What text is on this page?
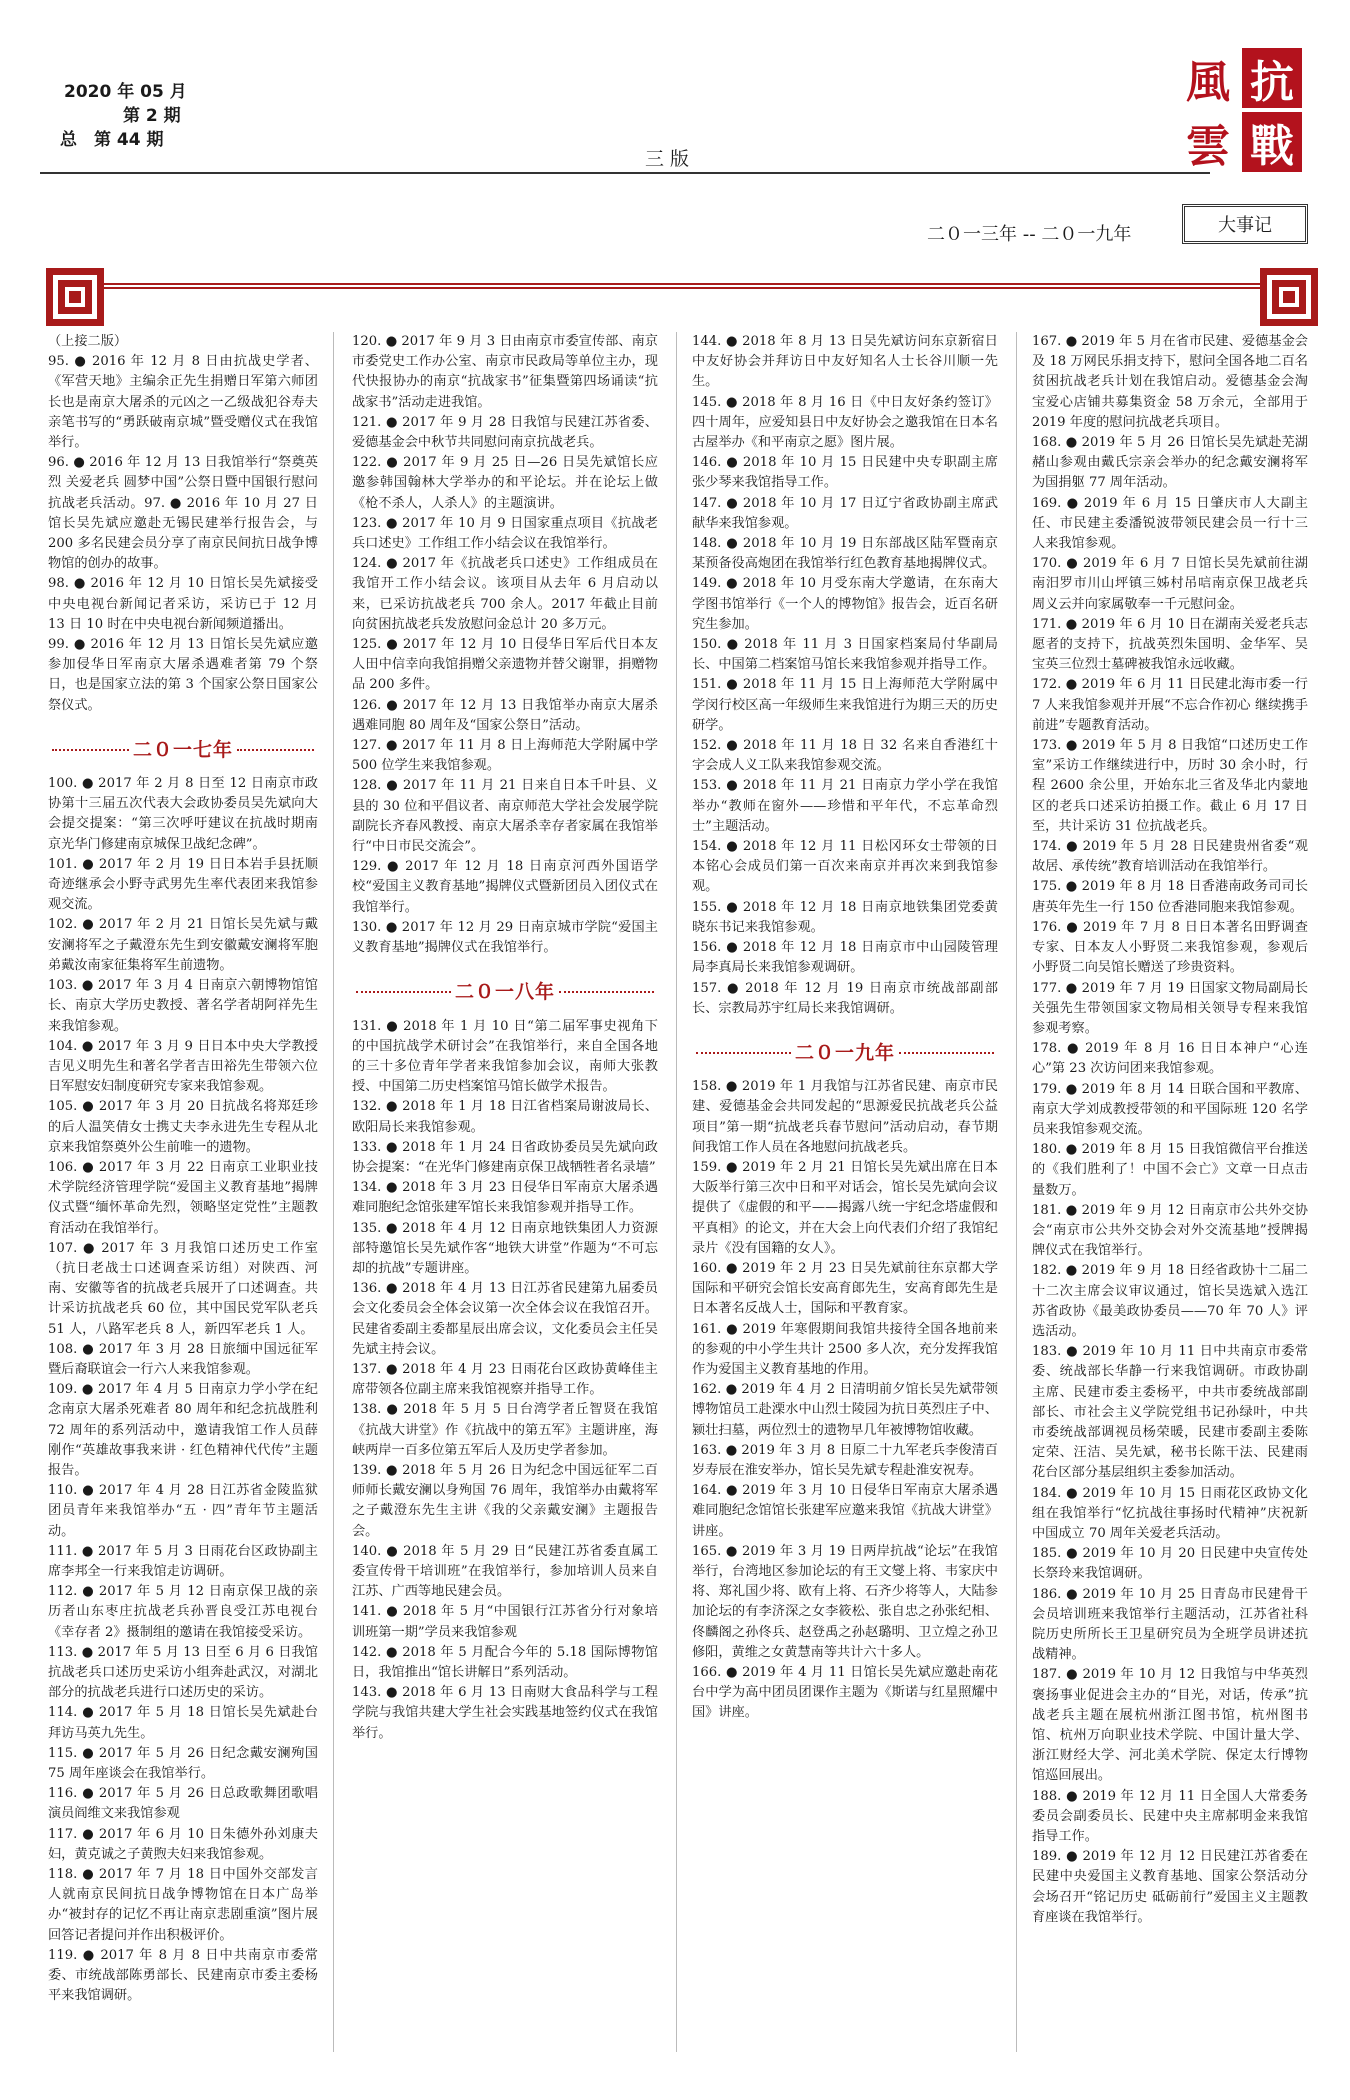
2020 年 05 月
第 2 期
总　第 44 期
三 版
風 抗
雲 戰
二０一三年 -- 二０一九年	大事记

（上接二版）

95. ● 2016 年 12 月 8 日由抗战史学者、《军营天地》主编余正先生捐赠日军第六师团长也是南京大屠杀的元凶之一乙级战犯谷寿夫亲笔书写的“勇跃破南京城”暨受赠仪式在我馆举行。

96. ● 2016 年 12 月 13 日我馆举行“祭奠英烈 关爱老兵 圆梦中国”公祭日暨中国银行慰问抗战老兵活动。97. ● 2016 年 10 月 27 日馆长吴先斌应邀赴无锡民建举行报告会，与 200 多名民建会员分享了南京民间抗日战争博物馆的创办的故事。

98. ● 2016 年 12 月 10 日馆长吴先斌接受中央电视台新闻记者采访，采访已于 12 月 13 日 10 时在中央电视台新闻频道播出。

99. ● 2016 年 12 月 13 日馆长吴先斌应邀参加侵华日军南京大屠杀遇难者第 79 个祭日，也是国家立法的第 3 个国家公祭日国家公祭仪式。

二０一七年

100. ● 2017 年 2 月 8 日至 12 日南京市政协第十三届五次代表大会政协委员吴先斌向大会提交提案：“第三次呼吁建议在抗战时期南京光华门修建南京城保卫战纪念碑”。

101. ● 2017 年 2 月 19 日日本岩手县抚顺奇迹继承会小野寺武男先生率代表团来我馆参观交流。

102. ● 2017 年 2 月 21 日馆长吴先斌与戴安澜将军之子戴澄东先生到安徽戴安澜将军胞弟戴汝南家征集将军生前遗物。

103. ● 2017 年 3 月 4 日南京六朝博物馆馆长、南京大学历史教授、著名学者胡阿祥先生来我馆参观。

104. ● 2017 年 3 月 9 日日本中央大学教授吉见义明先生和著名学者吉田裕先生带领六位日军慰安妇制度研究专家来我馆参观。

105. ● 2017 年 3 月 20 日抗战名将郑廷珍的后人温笑倩女士携丈夫李永进先生专程从北京来我馆祭奠外公生前唯一的遗物。

106. ● 2017 年 3 月 22 日南京工业职业技术学院经济管理学院“爱国主义教育基地”揭牌仪式暨“缅怀革命先烈，领略坚定党性”主题教育活动在我馆举行。

107. ● 2017 年 3 月我馆口述历史工作室（抗日老战士口述调查采访组）对陕西、河南、安徽等省的抗战老兵展开了口述调查。共计采访抗战老兵 60 位，其中国民党军队老兵 51 人，八路军老兵 8 人，新四军老兵 1 人。

108. ● 2017 年 3 月 28 日旅缅中国远征军暨后裔联谊会一行六人来我馆参观。

109. ● 2017 年 4 月 5 日南京力学小学在纪念南京大屠杀死难者 80 周年和纪念抗战胜利 72 周年的系列活动中，邀请我馆工作人员薛刚作“英雄故事我来讲 · 红色精神代代传”主题报告。

110. ● 2017 年 4 月 28 日江苏省金陵监狱团员青年来我馆举办“五 · 四”青年节主题活动。

111. ● 2017 年 5 月 3 日雨花台区政协副主席李邦全一行来我馆走访调研。

112. ● 2017 年 5 月 12 日南京保卫战的亲历者山东枣庄抗战老兵孙晋良受江苏电视台《幸存者 2》摄制组的邀请在我馆接受采访。

113. ● 2017 年 5 月 13 日至 6 月 6 日我馆抗战老兵口述历史采访小组奔赴武汉，对湖北部分的抗战老兵进行口述历史的采访。

114. ● 2017 年 5 月 18 日馆长吴先斌赴台拜访马英九先生。

115. ● 2017 年 5 月 26 日纪念戴安澜殉国 75 周年座谈会在我馆举行。

116. ● 2017 年 5 月 26 日总政歌舞团歌唱演员阎维文来我馆参观

117. ● 2017 年 6 月 10 日朱德外孙刘康夫妇，黄克诚之子黄煦夫妇来我馆参观。

118. ● 2017 年 7 月 18 日中国外交部发言人就南京民间抗日战争博物馆在日本广岛举办“被封存的记忆不再让南京悲剧重演”图片展回答记者提问并作出积极评价。

119. ● 2017 年 8 月 8 日中共南京市委常委、市统战部陈勇部长、民建南京市委主委杨平来我馆调研。

120. ● 2017 年 9 月 3 日由南京市委宣传部、南京市委党史工作办公室、南京市民政局等单位主办，现代快报协办的南京“抗战家书”征集暨第四场诵读“抗战家书”活动走进我馆。

121. ● 2017 年 9 月 28 日我馆与民建江苏省委、爱德基金会中秋节共同慰问南京抗战老兵。

122. ● 2017 年 9 月 25 日—26 日吴先斌馆长应邀参韩国翰林大学举办的和平论坛。并在论坛上做《枪不杀人，人杀人》的主题演讲。

123. ● 2017 年 10 月 9 日国家重点项目《抗战老兵口述史》工作组工作小结会议在我馆举行。

124. ● 2017 年《抗战老兵口述史》工作组成员在我馆开工作小结会议。该项目从去年 6 月启动以来，已采访抗战老兵 700 余人。2017 年截止目前向贫困抗战老兵发放慰问金总计 20 多万元。

125. ● 2017 年 12 月 10 日侵华日军后代日本友人田中信幸向我馆捐赠父亲遗物并替父谢罪，捐赠物品 200 多件。

126. ● 2017 年 12 月 13 日我馆举办南京大屠杀遇难同胞 80 周年及“国家公祭日”活动。

127. ● 2017 年 11 月 8 日上海师范大学附属中学 500 位学生来我馆参观。

128. ● 2017 年 11 月 21 日来自日本千叶县、义县的 30 位和平倡议者、南京师范大学社会发展学院副院长齐春风教授、南京大屠杀幸存者家属在我馆举行“中日市民交流会”。

129. ● 2017 年 12 月 18 日南京河西外国语学校“爱国主义教育基地”揭牌仪式暨新团员入团仪式在我馆举行。

130. ● 2017 年 12 月 29 日南京城市学院“爱国主义教育基地”揭牌仪式在我馆举行。

二０一八年

131. ● 2018 年 1 月 10 日“第二届军事史视角下的中国抗战学术研讨会”在我馆举行，来自全国各地的三十多位青年学者来我馆参加会议，南师大张教授、中国第二历史档案馆马馆长做学术报告。

132. ● 2018 年 1 月 18 日江省档案局谢波局长、欧阳局长来我馆参观。

133. ● 2018 年 1 月 24 日省政协委员吴先斌向政协会提案：“在光华门修建南京保卫战牺牲者名录墙”

134. ● 2018 年 3 月 23 日侵华日军南京大屠杀遇难同胞纪念馆张建军馆长来我馆参观并指导工作。

135. ● 2018 年 4 月 12 日南京地铁集团人力资源部特邀馆长吴先斌作客“地铁大讲堂”作题为“不可忘却的抗战”专题讲座。

136. ● 2018 年 4 月 13 日江苏省民建第九届委员会文化委员会全体会议第一次全体会议在我馆召开。民建省委副主委都星辰出席会议，文化委员会主任吴先斌主持会议。

137. ● 2018 年 4 月 23 日雨花台区政协黄峰佳主席带领各位副主席来我馆视察并指导工作。

138. ● 2018 年 5 月 5 日台湾学者丘智贤在我馆《抗战大讲堂》作《抗战中的第五军》主题讲座，海峡两岸一百多位第五军后人及历史学者参加。

139. ● 2018 年 5 月 26 日为纪念中国远征军二百师师长戴安澜以身殉国 76 周年，我馆举办由戴将军之子戴澄东先生主讲《我的父亲戴安澜》主题报告会。

140. ● 2018 年 5 月 29 日“民建江苏省委直属工委宣传骨干培训班”在我馆举行，参加培训人员来自江苏、广西等地民建会员。

141. ● 2018 年 5 月“中国银行江苏省分行对象培训班第一期”学员来我馆参观

142. ● 2018 年 5 月配合今年的 5.18 国际博物馆日，我馆推出“馆长讲解日”系列活动。

143. ● 2018 年 6 月 13 日南财大食品科学与工程学院与我馆共建大学生社会实践基地签约仪式在我馆举行。

144. ● 2018 年 8 月 13 日吴先斌访问东京新宿日中友好协会并拜访日中友好知名人士长谷川顺一先生。

145. ● 2018 年 8 月 16 日《中日友好条约签订》四十周年，应爱知县日中友好协会之邀我馆在日本名古屋举办《和平南京之愿》图片展。

146. ● 2018 年 10 月 15 日民建中央专职副主席张少琴来我馆指导工作。

147. ● 2018 年 10 月 17 日辽宁省政协副主席武献华来我馆参观。

148. ● 2018 年 10 月 19 日东部战区陆军暨南京某预备役高炮团在我馆举行红色教育基地揭牌仪式。

149. ● 2018 年 10 月受东南大学邀请，在东南大学图书馆举行《一个人的博物馆》报告会，近百名研究生参加。

150. ● 2018 年 11 月 3 日国家档案局付华副局长、中国第二档案馆马馆长来我馆参观并指导工作。

151. ● 2018 年 11 月 15 日上海师范大学附属中学闵行校区高一年级师生来我馆进行为期三天的历史研学。

152. ● 2018 年 11 月 18 日 32 名来自香港红十字会成人义工队来我馆参观交流。

153. ● 2018 年 11 月 21 日南京力学小学在我馆举办“教师在窗外——珍惜和平年代，不忘革命烈士”主题活动。

154. ● 2018 年 12 月 11 日松冈环女士带领的日本铭心会成员们第一百次来南京并再次来到我馆参观。

155. ● 2018 年 12 月 18 日南京地铁集团党委黄晓东书记来我馆参观。

156. ● 2018 年 12 月 18 日南京市中山园陵管理局李真局长来我馆参观调研。

157. ● 2018 年 12 月 19 日南京市统战部副部长、宗教局苏宇红局长来我馆调研。

二０一九年

158. ● 2019 年 1 月我馆与江苏省民建、南京市民建、爱德基金会共同发起的“思源爱民抗战老兵公益项目”第一期“抗战老兵春节慰问”活动启动，春节期间我馆工作人员在各地慰问抗战老兵。

159. ● 2019 年 2 月 21 日馆长吴先斌出席在日本大阪举行第三次中日和平对话会，馆长吴先斌向会议提供了《虚假的和平——揭露八统一宇纪念塔虚假和平真相》的论文，并在大会上向代表们介绍了我馆纪录片《没有国籍的女人》。

160. ● 2019 年 2 月 23 日吴先斌前往东京都大学国际和平研究会馆长安高育郎先生，安高育郎先生是日本著名反战人士，国际和平教育家。

161. ● 2019 年寒假期间我馆共接待全国各地前来的参观的中小学生共计 2500 多人次，充分发挥我馆作为爱国主义教育基地的作用。

162. ● 2019 年 4 月 2 日清明前夕馆长吴先斌带领博物馆员工赴溧水中山烈士陵园为抗日英烈庄子中、颍壮扫墓，两位烈士的遗物早几年被博物馆收藏。

163. ● 2019 年 3 月 8 日原二十九军老兵李俊清百岁寿辰在淮安举办，馆长吴先斌专程赴淮安祝寿。

164. ● 2019 年 3 月 10 日侵华日军南京大屠杀遇难同胞纪念馆馆长张建军应邀来我馆《抗战大讲堂》讲座。

165. ● 2019 年 3 月 19 日两岸抗战“论坛”在我馆举行，台湾地区参加论坛的有王文燮上将、韦家庆中将、郑礼国少将、欧有上将、石齐少将等人，大陆参加论坛的有李济深之女李筱松、张自忠之孙张纪相、佟麟阁之孙佟兵、赵登禹之孙赵璐明、卫立煌之孙卫修阳，黄维之女黄慧南等共计六十多人。

166. ● 2019 年 4 月 11 日馆长吴先斌应邀赴南花台中学为高中团员团课作主题为《斯诺与红星照耀中国》讲座。

167. ● 2019 年 5 月在省市民建、爱德基金会及 18 万网民乐捐支持下，慰问全国各地二百名贫困抗战老兵计划在我馆启动。爱德基金会淘宝爱心店铺共募集资金 58 万余元，全部用于 2019 年度的慰问抗战老兵项目。

168. ● 2019 年 5 月 26 日馆长吴先斌赴芜湖赭山参观由戴氏宗亲会举办的纪念戴安澜将军为国捐躯 77 周年活动。

169. ● 2019 年 6 月 15 日肇庆市人大副主任、市民建主委潘锐波带领民建会员一行十三人来我馆参观。

170. ● 2019 年 6 月 7 日馆长吴先斌前往湖南汨罗市川山坪镇三姊村吊唁南京保卫战老兵周义云并向家属敬奉一千元慰问金。

171. ● 2019 年 6 月 10 日在湖南关爱老兵志愿者的支持下，抗战英烈朱国明、金华军、吴宝英三位烈士墓碑被我馆永远收藏。

172. ● 2019 年 6 月 11 日民建北海市委一行 7 人来我馆参观并开展“不忘合作初心 继续携手前进”专题教育活动。

173. ● 2019 年 5 月 8 日我馆“口述历史工作室”采访工作继续进行中，历时 30 余小时，行程 2600 余公里，开始东北三省及华北内蒙地区的老兵口述采访拍摄工作。截止 6 月 17 日至，共计采访 31 位抗战老兵。

174. ● 2019 年 5 月 28 日民建贵州省委“观故居、承传统”教育培训活动在我馆举行。

175. ● 2019 年 8 月 18 日香港南政务司司长唐英年先生一行 150 位香港同胞来我馆参观。

176. ● 2019 年 7 月 8 日日本著名田野调查专家、日本友人小野贤二来我馆参观，参观后小野贤二向吴馆长赠送了珍贵资料。

177. ● 2019 年 7 月 19 日国家文物局副局长关强先生带领国家文物局相关领导专程来我馆参观考察。

178. ● 2019 年 8 月 16 日日本神户“心连心”第 23 次访问团来我馆参观。

179. ● 2019 年 8 月 14 日联合国和平教席、南京大学刘成教授带领的和平国际班 120 名学员来我馆参观交流。

180. ● 2019 年 8 月 15 日我馆微信平台推送的《我们胜利了！中国不会亡》文章一日点击量数万。

181. ● 2019 年 9 月 12 日南京市公共外交协会“南京市公共外交协会对外交流基地”授牌揭牌仪式在我馆举行。

182. ● 2019 年 9 月 18 日经省政协十二届二十二次主席会议审议通过，馆长吴选斌入选江苏省政协《最美政协委员——70 年 70 人》评选活动。

183. ● 2019 年 10 月 11 日中共南京市委常委、统战部长华静一行来我馆调研。市政协副主席、民建市委主委杨平，中共市委统战部副部长、市社会主义学院党组书记孙绿叶，中共市委统战部调视员杨荣暖，民建市委副主委陈定荣、汪洁、吴先斌，秘书长陈干法、民建雨花台区部分基层组织主委参加活动。

184. ● 2019 年 10 月 15 日雨花区政协文化组在我馆举行“忆抗战往事扬时代精神”庆祝新中国成立 70 周年关爱老兵活动。

185. ● 2019 年 10 月 20 日民建中央宣传处长祭玲来我馆调研。

186. ● 2019 年 10 月 25 日青岛市民建骨干会员培训班来我馆举行主题活动，江苏省社科院历史所所长王卫星研究员为全班学员讲述抗战精神。

187. ● 2019 年 10 月 12 日我馆与中华英烈褒扬事业促进会主办的“目光，对话，传承”抗战老兵主题在展杭州浙江图书馆，杭州图书馆、杭州万向职业技术学院、中国计量大学、浙江财经大学、河北美术学院、保定太行博物馆巡回展出。

188. ● 2019 年 12 月 11 日全国人大常委务委员会副委员长、民建中央主席郝明金来我馆指导工作。

189. ● 2019 年 12 月 12 日民建江苏省委在民建中央爱国主义教育基地、国家公祭活动分会场召开“铭记历史 砥砺前行”爱国主义主题教育座谈在我馆举行。
